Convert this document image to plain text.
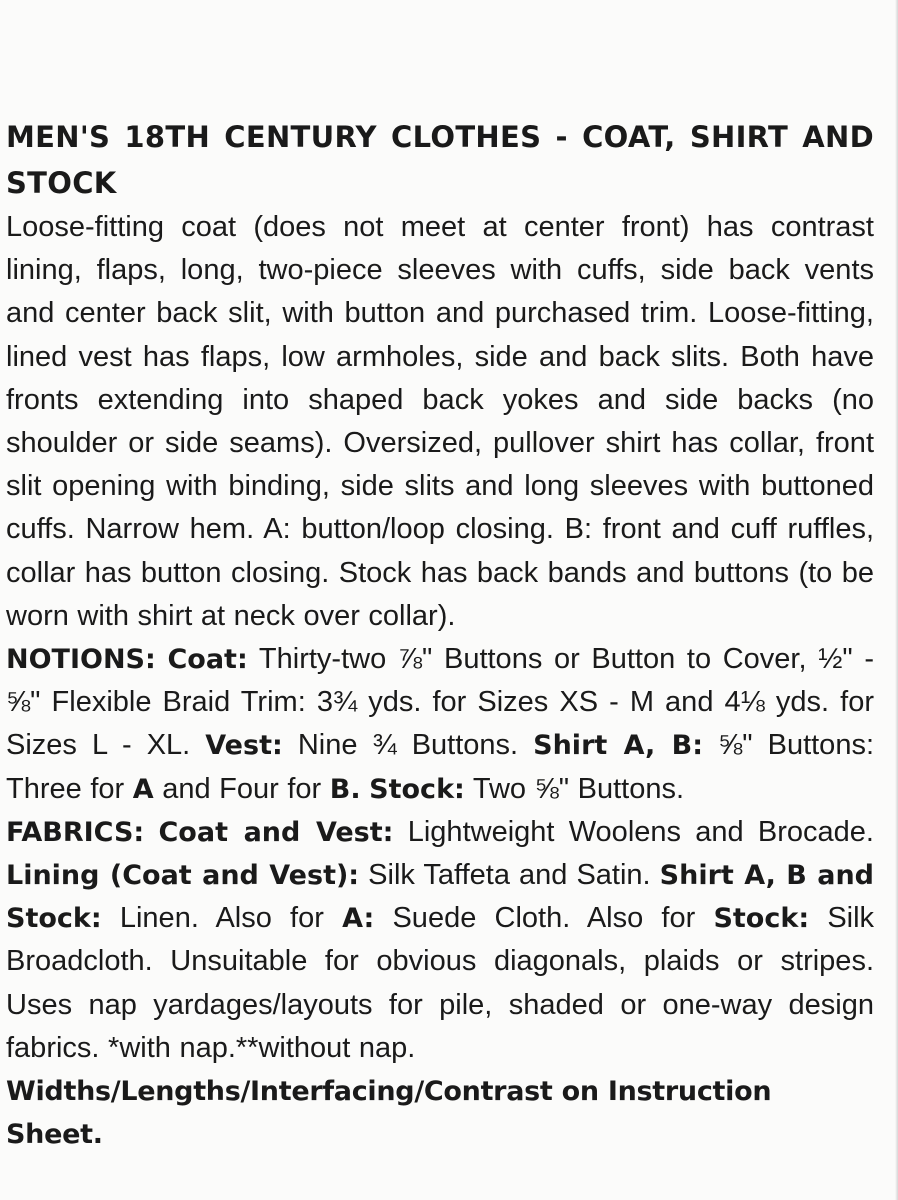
MEN'S 18TH CENTURY CLOTHES - COAT, SHIRT AND STOCK

Loose-fitting coat (does not meet at center front) has contrast lining, flaps, long, two-piece sleeves with cuffs, side back vents and center back slit, with button and purchased trim. Loose-fitting, lined vest has flaps, low armholes, side and back slits. Both have fronts extending into shaped back yokes and side backs (no shoulder or side seams). Oversized, pullover shirt has collar, front slit opening with binding, side slits and long sleeves with buttoned cuffs. Narrow hem. A: button/loop closing. B: front and cuff ruffles, collar has button closing. Stock has back bands and buttons (to be worn with shirt at neck over collar).

NOTIONS: Coat: Thirty-two ⅞" Buttons or Button to Cover, ½" - ⅝" Flexible Braid Trim: 3¾ yds. for Sizes XS - M and 4⅛ yds. for Sizes L - XL. Vest: Nine ¾ Buttons. Shirt A, B: ⅝" Buttons: Three for A and Four for B. Stock: Two ⅝" Buttons.

FABRICS: Coat and Vest: Lightweight Woolens and Brocade. Lining (Coat and Vest): Silk Taffeta and Satin. Shirt A, B and Stock: Linen. Also for A: Suede Cloth. Also for Stock: Silk Broadcloth. Unsuitable for obvious diagonals, plaids or stripes. Uses nap yardages/layouts for pile, shaded or one-way design fabrics. *with nap.**without nap.

Widths/Lengths/Interfacing/Contrast on Instruction Sheet.
